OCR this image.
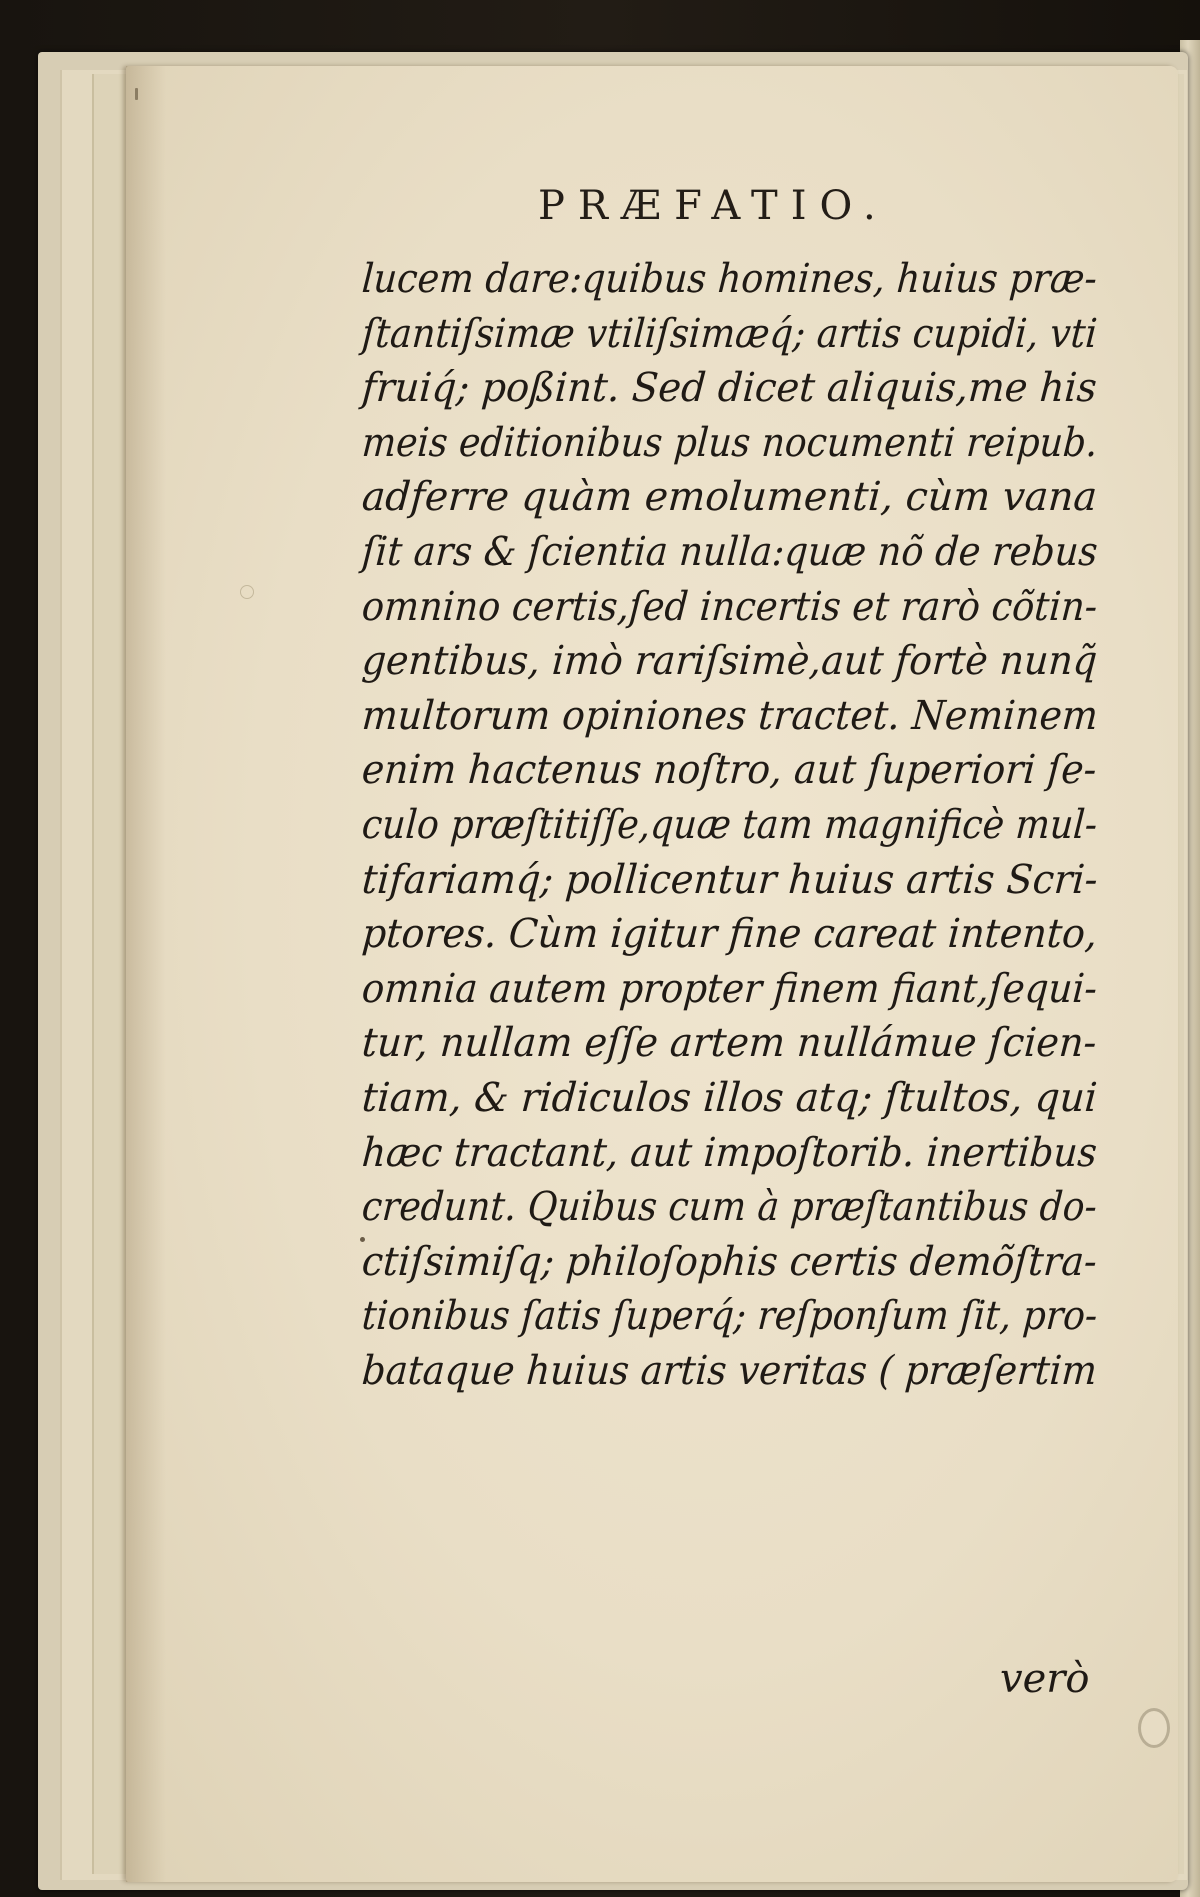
PRÆFATIO.
lucem dare:quibus homines, huius præ-
ſtantiſsimæ vtiliſsimæq́; artis cupidi, vti
fruiq́; poßint. Sed dicet aliquis,me his
meis editionibus plus nocumenti reipub.
adferre quàm emolumenti, cùm vana
ſit ars & ſcientia nulla:quæ nõ de rebus
omnino certis,ſed incertis et rarò cõtin-
gentibus, imò rariſsimè,aut fortè nunq̃
multorum opiniones tractet. Neminem
enim hactenus noſtro, aut ſuperiori ſe-
culo præſtitiſſe,quæ tam magnificè mul-
tifariamq́; pollicentur huius artis Scri-
ptores. Cùm igitur fine careat intento,
omnia autem propter finem fiant,ſequi-
tur, nullam eſſe artem nullámue ſcien-
tiam, & ridiculos illos atq; ſtultos, qui
hæc tractant, aut impoſtorib. inertibus
credunt. Quibus cum à præſtantibus do-
ctiſsimiſq; philoſophis certis demõſtra-
tionibus ſatis ſuperq́; reſponſum ſit, pro-
bataque huius artis veritas ( præſertim
verò
